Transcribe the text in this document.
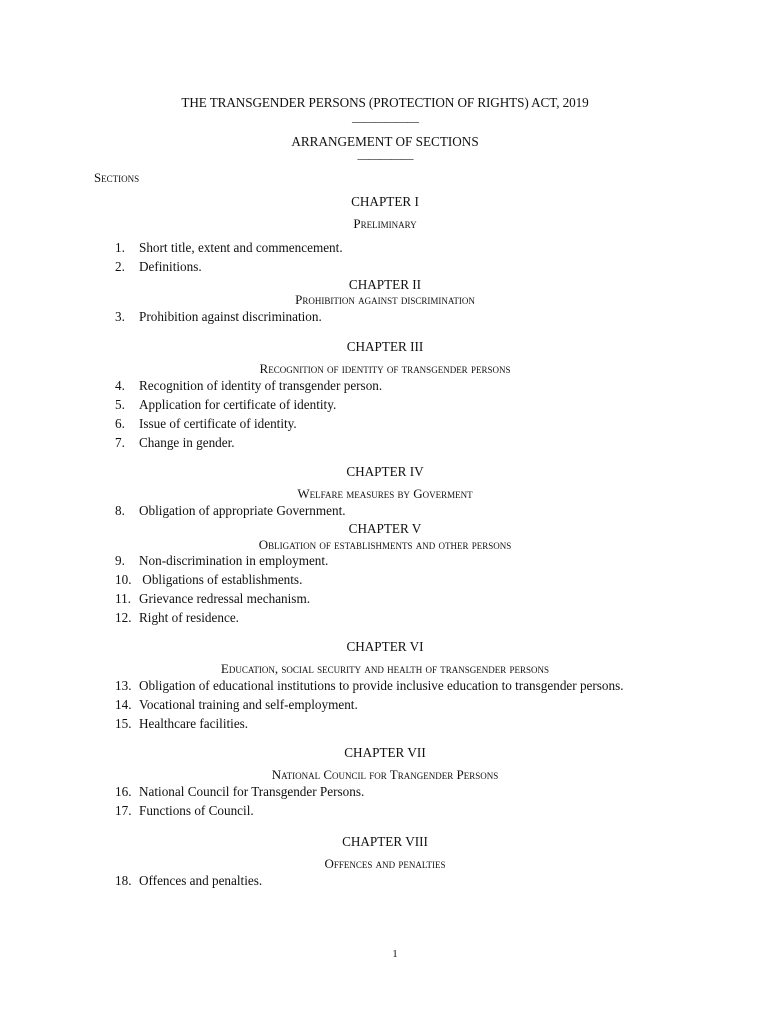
THE TRANSGENDER PERSONS (PROTECTION OF RIGHTS) ACT, 2019
——————
ARRANGEMENT OF SECTIONS
—————
Sections
CHAPTER I
Preliminary
1. Short title, extent and commencement.
2. Definitions.
CHAPTER II
Prohibition against discrimination
3. Prohibition against discrimination.
CHAPTER III
Recognition of identity of transgender persons
4. Recognition of identity of transgender person.
5. Application for certificate of identity.
6. Issue of certificate of identity.
7. Change in gender.
CHAPTER IV
Welfare measures by Goverment
8. Obligation of appropriate Government.
CHAPTER V
Obligation of establishments and other persons
9. Non-discrimination in employment.
10. Obligations of establishments.
11. Grievance redressal mechanism.
12. Right of residence.
CHAPTER VI
Education, social security and health of transgender persons
13. Obligation of educational institutions to provide inclusive education to transgender persons.
14. Vocational training and self-employment.
15. Healthcare facilities.
CHAPTER VII
National Council for Trangender Persons
16. National Council for Transgender Persons.
17. Functions of Council.
CHAPTER VIII
Offences and penalties
18. Offences and penalties.
1
